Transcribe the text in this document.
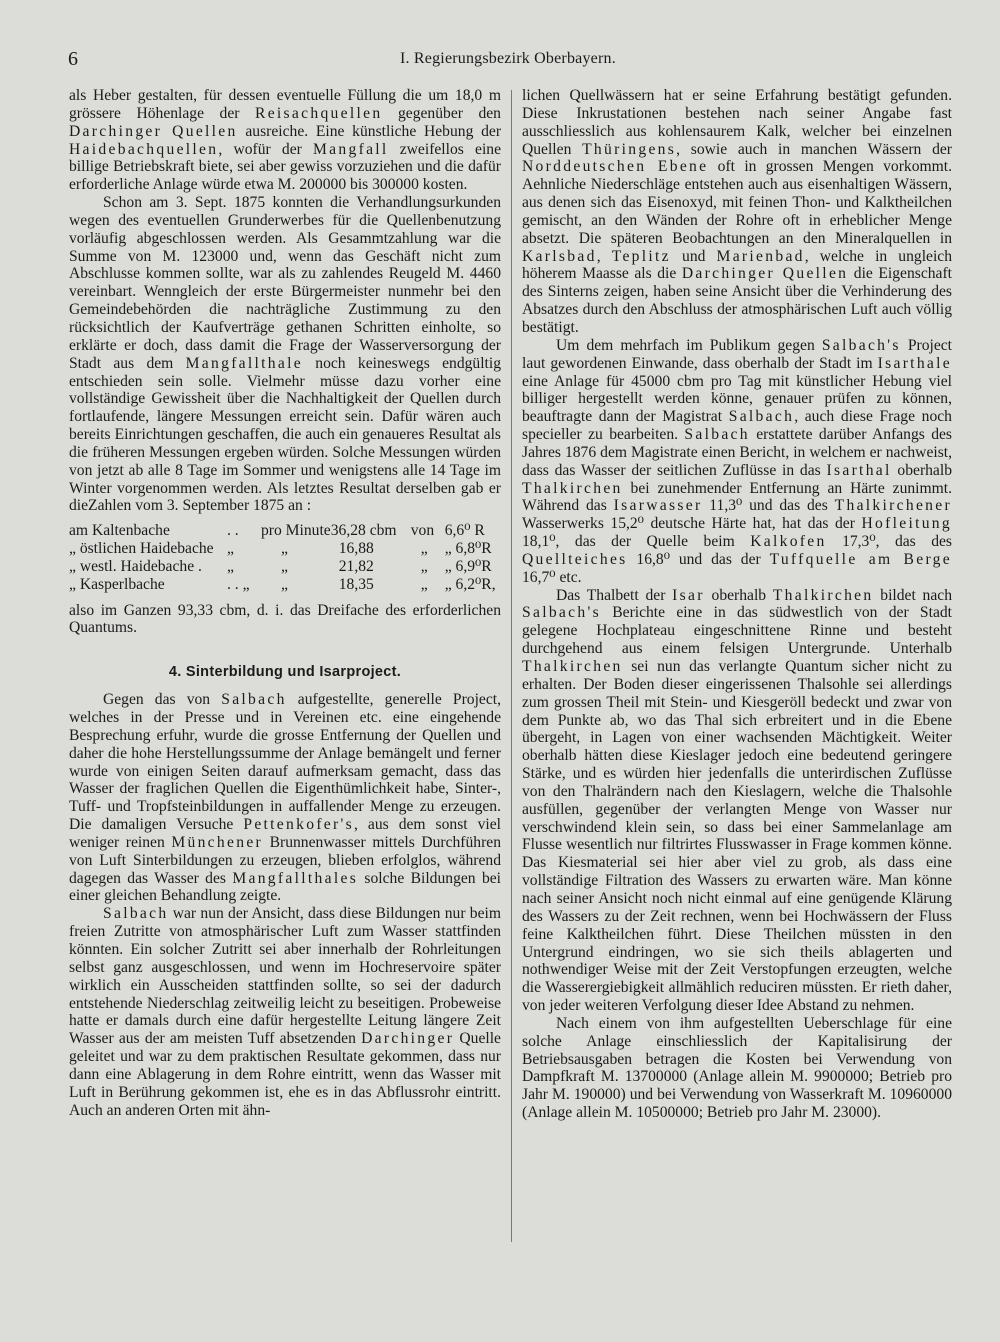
6	I. Regierungsbezirk Oberbayern.

als Heber gestalten, für dessen eventuelle Füllung die um 18,0 m grössere Höhenlage der Reisachquellen gegenüber den Darchinger Quellen ausreiche. Eine künstliche Hebung der Haidebachquellen, wofür der Mangfall zweifellos eine billige Betriebskraft biete, sei aber gewiss vorzuziehen und die dafür erforderliche Anlage würde etwa M. 200000 bis 300000 kosten.

Schon am 3. Sept. 1875 konnten die Verhandlungsurkunden wegen des eventuellen Grunderwerbes für die Quellenbenutzung vorläufig abgeschlossen werden. Als Gesammtzahlung war die Summe von M. 123000 und, wenn das Geschäft nicht zum Abschlusse kommen sollte, war als zu zahlendes Reugeld M. 4460 vereinbart. Wenngleich der erste Bürgermeister nunmehr bei den Gemeindebehörden die nachträgliche Zustimmung zu den rücksichtlich der Kaufverträge gethanen Schritten einholte, so erklärte er doch, dass damit die Frage der Wasserversorgung der Stadt aus dem Mangfallthale noch keineswegs endgültig entschieden sein solle. Vielmehr müsse dazu vorher eine vollständige Gewissheit über die Nachhaltigkeit der Quellen durch fortlaufende, längere Messungen erreicht sein. Dafür wären auch bereits Einrichtungen geschaffen, die auch ein genaueres Resultat als die früheren Messungen ergeben würden. Solche Messungen würden von jetzt ab alle 8 Tage im Sommer und wenigstens alle 14 Tage im Winter vorgenommen werden. Als letztes Resultat derselben gab er dieZahlen vom 3. September 1875 an :

am Kaltenbache	. .	pro Minute	36,28 cbm	von	6,6⁰ R
„ östlichen Haidebache	„	„	16,88	„	„ 6,8⁰R
„ westl. Haidebache .	„	„	21,82	„	„ 6,9⁰R
„ Kasperlbache	. . „	„	18,35	„	„ 6,2⁰R,

also im Ganzen 93,33 cbm, d. i. das Dreifache des erforderlichen Quantums.

4. Sinterbildung und Isarproject.

Gegen das von Salbach aufgestellte, generelle Project, welches in der Presse und in Vereinen etc. eine eingehende Besprechung erfuhr, wurde die grosse Entfernung der Quellen und daher die hohe Herstellungssumme der Anlage bemängelt und ferner wurde von einigen Seiten darauf aufmerksam gemacht, dass das Wasser der fraglichen Quellen die Eigenthümlichkeit habe, Sinter-, Tuff- und Tropfsteinbildungen in auffallender Menge zu erzeugen. Die damaligen Versuche Pettenkofer's, aus dem sonst viel weniger reinen Münchener Brunnenwasser mittels Durchführen von Luft Sinterbildungen zu erzeugen, blieben erfolglos, während dagegen das Wasser des Mangfallthales solche Bildungen bei einer gleichen Behandlung zeigte.

Salbach war nun der Ansicht, dass diese Bildungen nur beim freien Zutritte von atmosphärischer Luft zum Wasser stattfinden könnten. Ein solcher Zutritt sei aber innerhalb der Rohrleitungen selbst ganz ausgeschlossen, und wenn im Hochreservoire später wirklich ein Ausscheiden stattfinden sollte, so sei der dadurch entstehende Niederschlag zeitweilig leicht zu beseitigen. Probeweise hatte er damals durch eine dafür hergestellte Leitung längere Zeit Wasser aus der am meisten Tuff absetzenden Darchinger Quelle geleitet und war zu dem praktischen Resultate gekommen, dass nur dann eine Ablagerung in dem Rohre eintritt, wenn das Wasser mit Luft in Berührung gekommen ist, ehe es in das Abflussrohr eintritt. Auch an anderen Orten mit ähn-

lichen Quellwässern hat er seine Erfahrung bestätigt gefunden. Diese Inkrustationen bestehen nach seiner Angabe fast ausschliesslich aus kohlensaurem Kalk, welcher bei einzelnen Quellen Thüringens, sowie auch in manchen Wässern der Norddeutschen Ebene oft in grossen Mengen vorkommt. Aehnliche Niederschläge entstehen auch aus eisenhaltigen Wässern, aus denen sich das Eisenoxyd, mit feinen Thon- und Kalktheilchen gemischt, an den Wänden der Rohre oft in erheblicher Menge absetzt. Die späteren Beobachtungen an den Mineralquellen in Karlsbad, Teplitz und Marienbad, welche in ungleich höherem Maasse als die Darchinger Quellen die Eigenschaft des Sinterns zeigen, haben seine Ansicht über die Verhinderung des Absatzes durch den Abschluss der atmosphärischen Luft auch völlig bestätigt.

Um dem mehrfach im Publikum gegen Salbach's Project laut gewordenen Einwande, dass oberhalb der Stadt im Isarthale eine Anlage für 45000 cbm pro Tag mit künstlicher Hebung viel billiger hergestellt werden könne, genauer prüfen zu können, beauftragte dann der Magistrat Salbach, auch diese Frage noch specieller zu bearbeiten. Salbach erstattete darüber Anfangs des Jahres 1876 dem Magistrate einen Bericht, in welchem er nachweist, dass das Wasser der seitlichen Zuflüsse in das Isarthal oberhalb Thalkirchen bei zunehmender Entfernung an Härte zunimmt. Während das Isarwasser 11,3⁰ und das des Thalkirchener Wasserwerks 15,2⁰ deutsche Härte hat, hat das der Hofleitung 18,1⁰, das der Quelle beim Kalkofen 17,3⁰, das des Quellteiches 16,8⁰ und das der Tuffquelle am Berge 16,7⁰ etc.

Das Thalbett der Isar oberhalb Thalkirchen bildet nach Salbach's Berichte eine in das südwestlich von der Stadt gelegene Hochplateau eingeschnittene Rinne und besteht durchgehend aus einem felsigen Untergrunde. Unterhalb Thalkirchen sei nun das verlangte Quantum sicher nicht zu erhalten. Der Boden dieser eingerissenen Thalsohle sei allerdings zum grossen Theil mit Stein- und Kiesgeröll bedeckt und zwar von dem Punkte ab, wo das Thal sich erbreitert und in die Ebene übergeht, in Lagen von einer wachsenden Mächtigkeit. Weiter oberhalb hätten diese Kieslager jedoch eine bedeutend geringere Stärke, und es würden hier jedenfalls die unterirdischen Zuflüsse von den Thalrändern nach den Kieslagern, welche die Thalsohle ausfüllen, gegenüber der verlangten Menge von Wasser nur verschwindend klein sein, so dass bei einer Sammelanlage am Flusse wesentlich nur filtrirtes Flusswasser in Frage kommen könne. Das Kiesmaterial sei hier aber viel zu grob, als dass eine vollständige Filtration des Wassers zu erwarten wäre. Man könne nach seiner Ansicht noch nicht einmal auf eine genügende Klärung des Wassers zu der Zeit rechnen, wenn bei Hochwässern der Fluss feine Kalktheilchen führt. Diese Theilchen müssten in den Untergrund eindringen, wo sie sich theils ablagerten und nothwendiger Weise mit der Zeit Verstopfungen erzeugten, welche die Wasserergiebigkeit allmählich reduciren müssten. Er rieth daher, von jeder weiteren Verfolgung dieser Idee Abstand zu nehmen.

Nach einem von ihm aufgestellten Ueberschlage für eine solche Anlage einschliesslich der Kapitalisirung der Betriebsausgaben betragen die Kosten bei Verwendung von Dampfkraft M. 13700000 (Anlage allein M. 9900000; Betrieb pro Jahr M. 190000) und bei Verwendung von Wasserkraft M. 10960000 (Anlage allein M. 10500000; Betrieb pro Jahr M. 23000).
